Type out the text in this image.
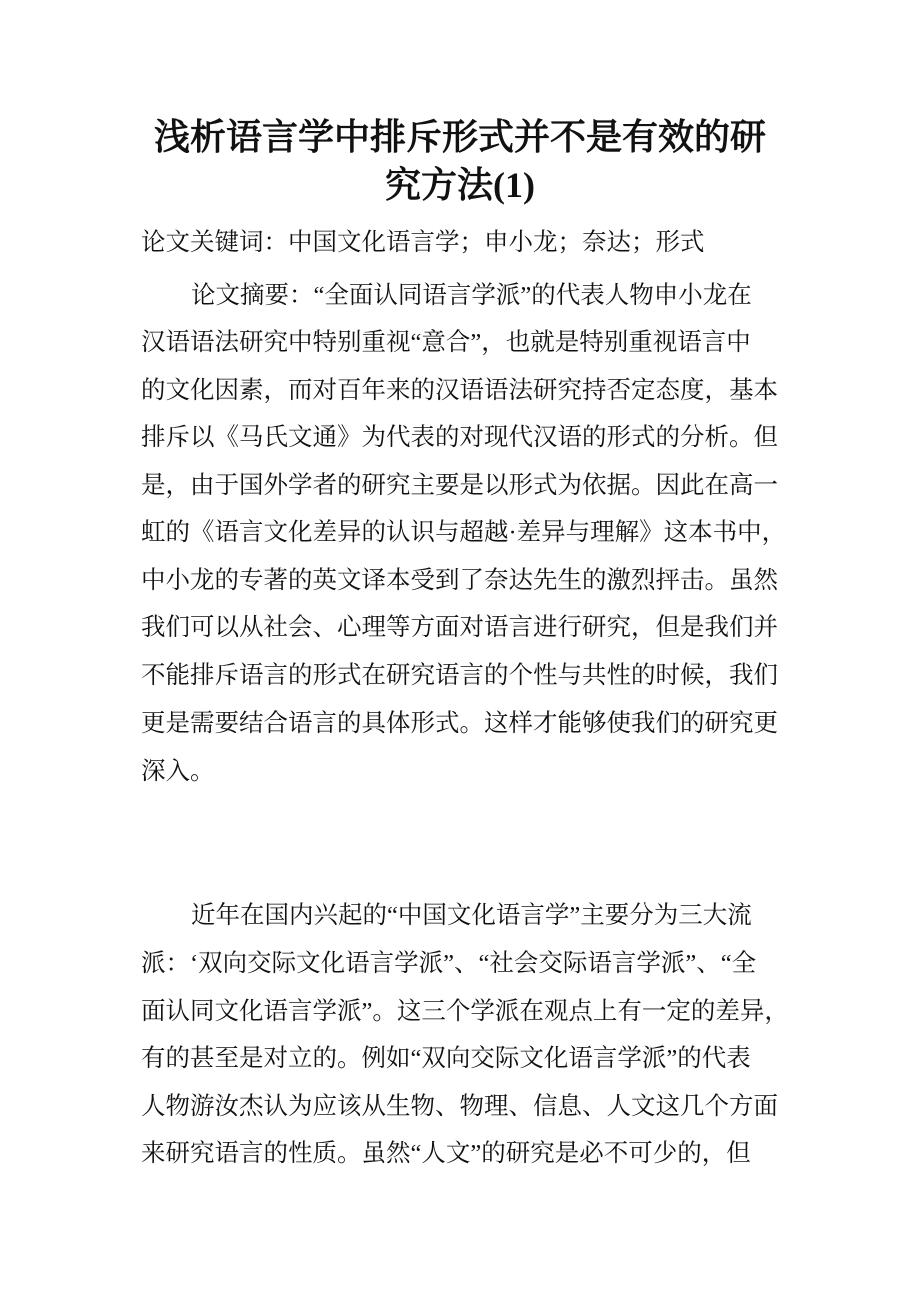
浅析语言学中排斥形式并不是有效的研
究方法(1)
论文关键词：中国文化语言学；申小龙；奈达；形式
论文摘要：“全面认同语言学派”的代表人物申小龙在
汉语语法研究中特别重视“意合”，也就是特别重视语言中
的文化因素，而对百年来的汉语语法研究持否定态度，基本
排斥以《马氏文通》为代表的对现代汉语的形式的分析。但
是，由于国外学者的研究主要是以形式为依据。因此在高一
虹的《语言文化差异的认识与超越·差异与理解》这本书中，
中小龙的专著的英文译本受到了奈达先生的激烈抨击。虽然
我们可以从社会、心理等方面对语言进行研究，但是我们并
不能排斥语言的形式在研究语言的个性与共性的时候，我们
更是需要结合语言的具体形式。这样才能够使我们的研究更
深入。
近年在国内兴起的“中国文化语言学”主要分为三大流
派：‘双向交际文化语言学派”、“社会交际语言学派”、“全
面认同文化语言学派”。这三个学派在观点上有一定的差异，
有的甚至是对立的。例如“双向交际文化语言学派”的代表
人物游汝杰认为应该从生物、物理、信息、人文这几个方面
来研究语言的性质。虽然“人文”的研究是必不可少的，但
